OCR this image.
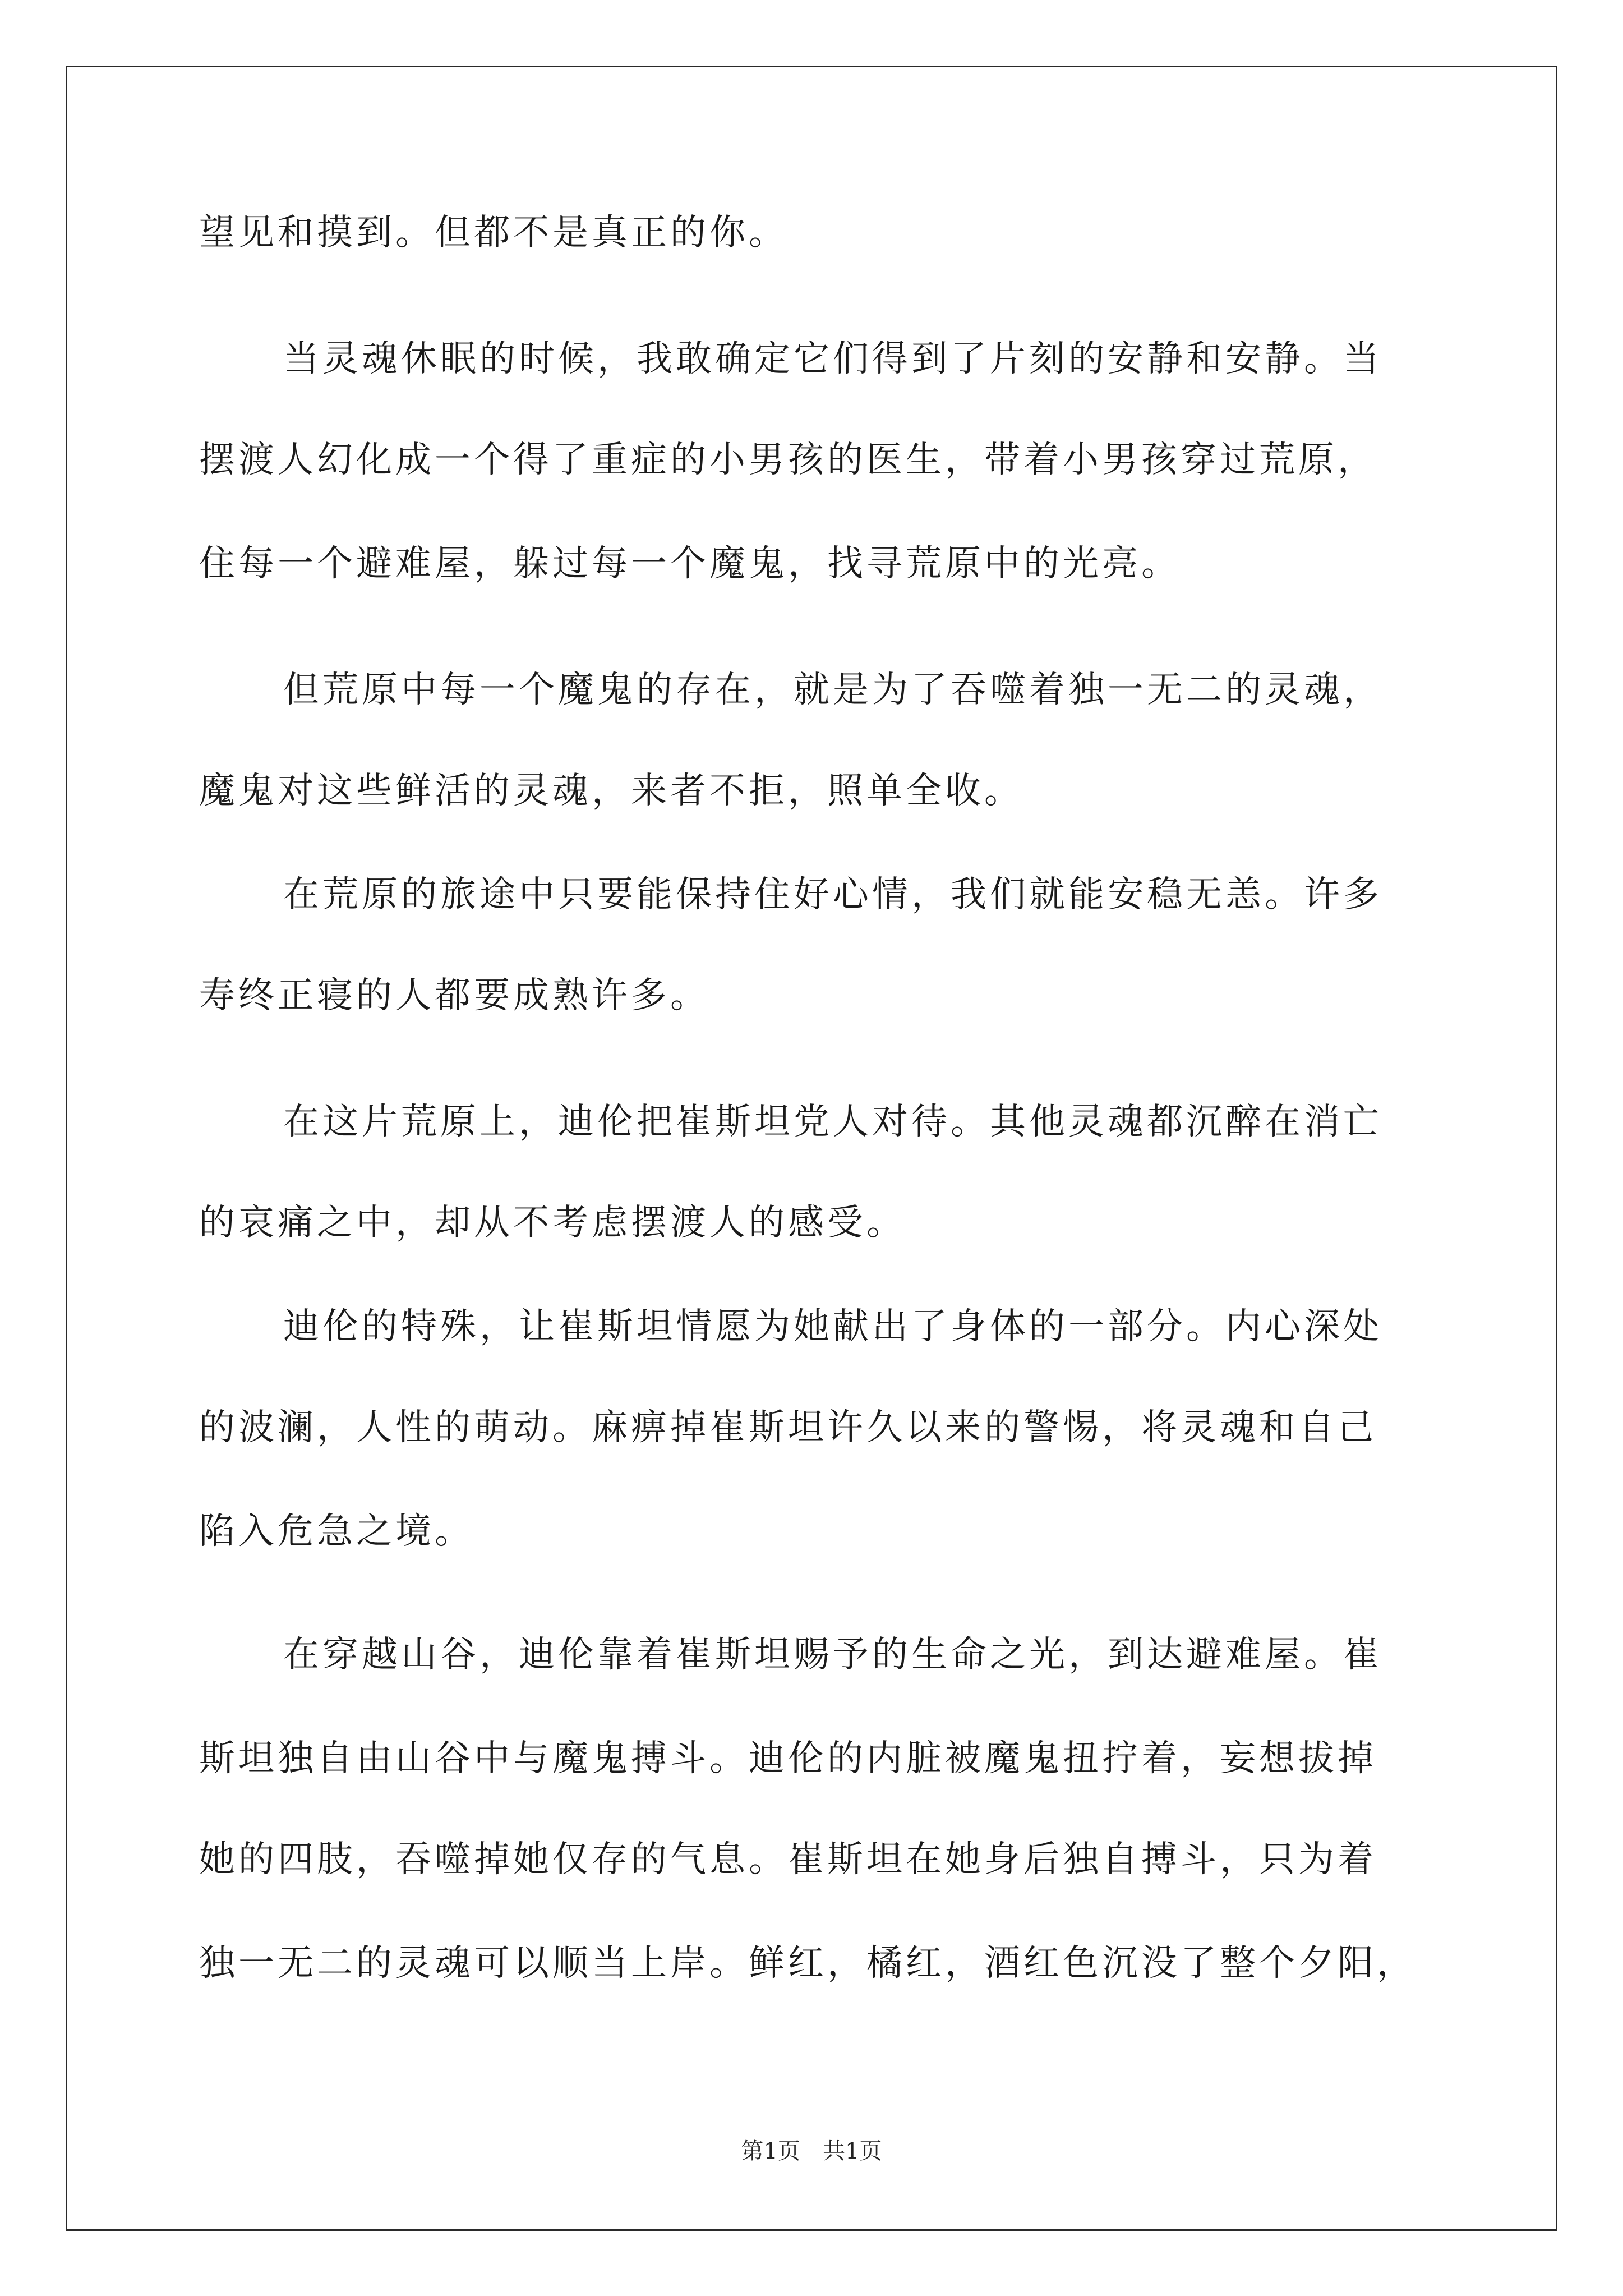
望见和摸到。但都不是真正的你。
当灵魂休眠的时候，我敢确定它们得到了片刻的安静和安静。当
摆渡人幻化成一个得了重症的小男孩的医生，带着小男孩穿过荒原，
住每一个避难屋，躲过每一个魔鬼，找寻荒原中的光亮。
但荒原中每一个魔鬼的存在，就是为了吞噬着独一无二的灵魂，
魔鬼对这些鲜活的灵魂，来者不拒，照单全收。
在荒原的旅途中只要能保持住好心情，我们就能安稳无恙。许多
寿终正寝的人都要成熟许多。
在这片荒原上，迪伦把崔斯坦党人对待。其他灵魂都沉醉在消亡
的哀痛之中，却从不考虑摆渡人的感受。
迪伦的特殊，让崔斯坦情愿为她献出了身体的一部分。内心深处
的波澜，人性的萌动。麻痹掉崔斯坦许久以来的警惕，将灵魂和自己
陷入危急之境。
在穿越山谷，迪伦靠着崔斯坦赐予的生命之光，到达避难屋。崔
斯坦独自由山谷中与魔鬼搏斗。迪伦的内脏被魔鬼扭拧着，妄想拔掉
她的四肢，吞噬掉她仅存的气息。崔斯坦在她身后独自搏斗，只为着
独一无二的灵魂可以顺当上岸。鲜红，橘红，酒红色沉没了整个夕阳，
第1页　共1页
